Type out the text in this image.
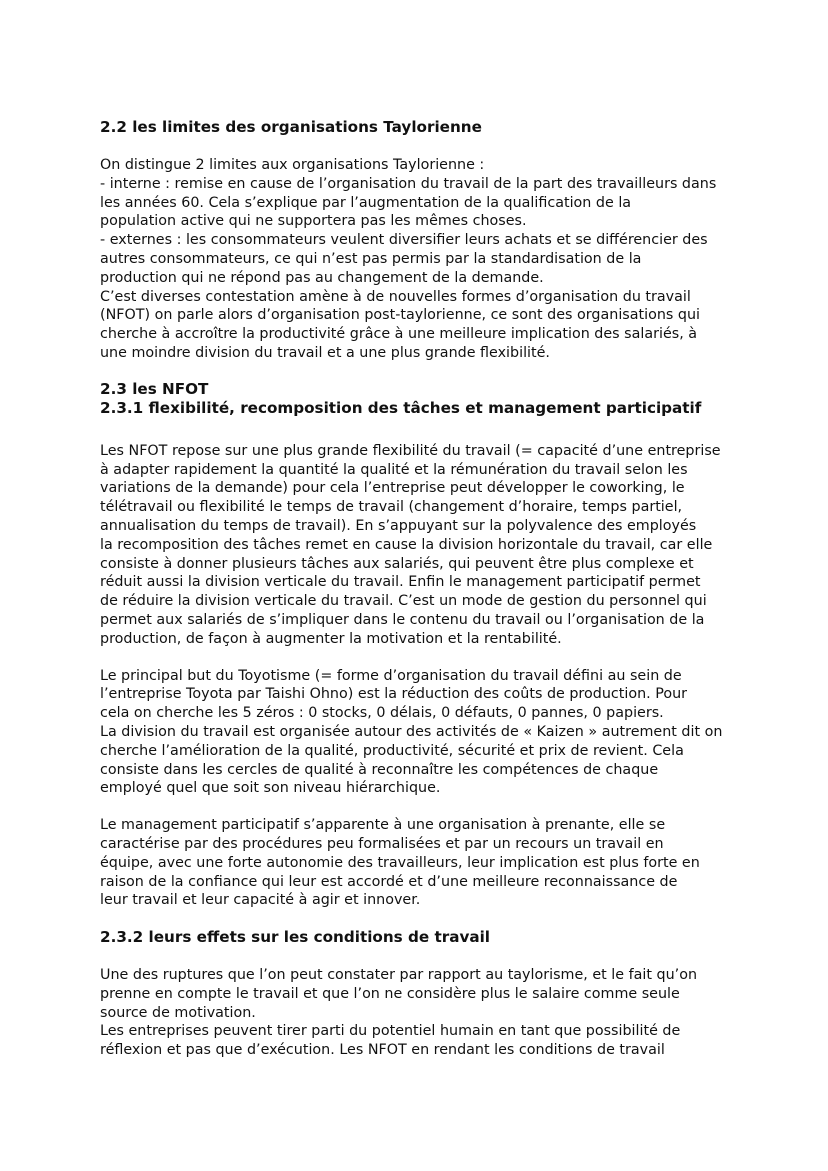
2.2 les limites des organisations Taylorienne

On distingue 2 limites aux organisations Taylorienne :
- interne : remise en cause de l’organisation du travail de la part des travailleurs dans
les années 60. Cela s’explique par l’augmentation de la qualification de la
population active qui ne supportera pas les mêmes choses.
- externes : les consommateurs veulent diversifier leurs achats et se différencier des
autres consommateurs, ce qui n’est pas permis par la standardisation de la
production qui ne répond pas au changement de la demande.
C’est diverses contestation amène à de nouvelles formes d’organisation du travail
(NFOT) on parle alors d’organisation post-taylorienne, ce sont des organisations qui
cherche à accroître la productivité grâce à une meilleure implication des salariés, à
une moindre division du travail et a une plus grande flexibilité.

2.3 les NFOT
2.3.1 flexibilité, recomposition des tâches et management participatif

Les NFOT repose sur une plus grande flexibilité du travail (= capacité d’une entreprise
à adapter rapidement la quantité la qualité et la rémunération du travail selon les
variations de la demande) pour cela l’entreprise peut développer le coworking, le
télétravail ou flexibilité le temps de travail (changement d’horaire, temps partiel,
annualisation du temps de travail). En s’appuyant sur la polyvalence des employés
la recomposition des tâches remet en cause la division horizontale du travail, car elle
consiste à donner plusieurs tâches aux salariés, qui peuvent être plus complexe et
réduit aussi la division verticale du travail. Enfin le management participatif permet
de réduire la division verticale du travail. C’est un mode de gestion du personnel qui
permet aux salariés de s’impliquer dans le contenu du travail ou l’organisation de la
production, de façon à augmenter la motivation et la rentabilité.

Le principal but du Toyotisme (= forme d’organisation du travail défini au sein de
l’entreprise Toyota par Taishi Ohno) est la réduction des coûts de production. Pour
cela on cherche les 5 zéros : 0 stocks, 0 délais, 0 défauts, 0 pannes, 0 papiers.
La division du travail est organisée autour des activités de « Kaizen » autrement dit on
cherche l’amélioration de la qualité, productivité, sécurité et prix de revient. Cela
consiste dans les cercles de qualité à reconnaître les compétences de chaque
employé quel que soit son niveau hiérarchique.

Le management participatif s’apparente à une organisation à prenante, elle se
caractérise par des procédures peu formalisées et par un recours un travail en
équipe, avec une forte autonomie des travailleurs, leur implication est plus forte en
raison de la confiance qui leur est accordé et d’une meilleure reconnaissance de
leur travail et leur capacité à agir et innover.

2.3.2 leurs effets sur les conditions de travail

Une des ruptures que l’on peut constater par rapport au taylorisme, et le fait qu’on
prenne en compte le travail et que l’on ne considère plus le salaire comme seule
source de motivation.
Les entreprises peuvent tirer parti du potentiel humain en tant que possibilité de
réflexion et pas que d’exécution. Les NFOT en rendant les conditions de travail
